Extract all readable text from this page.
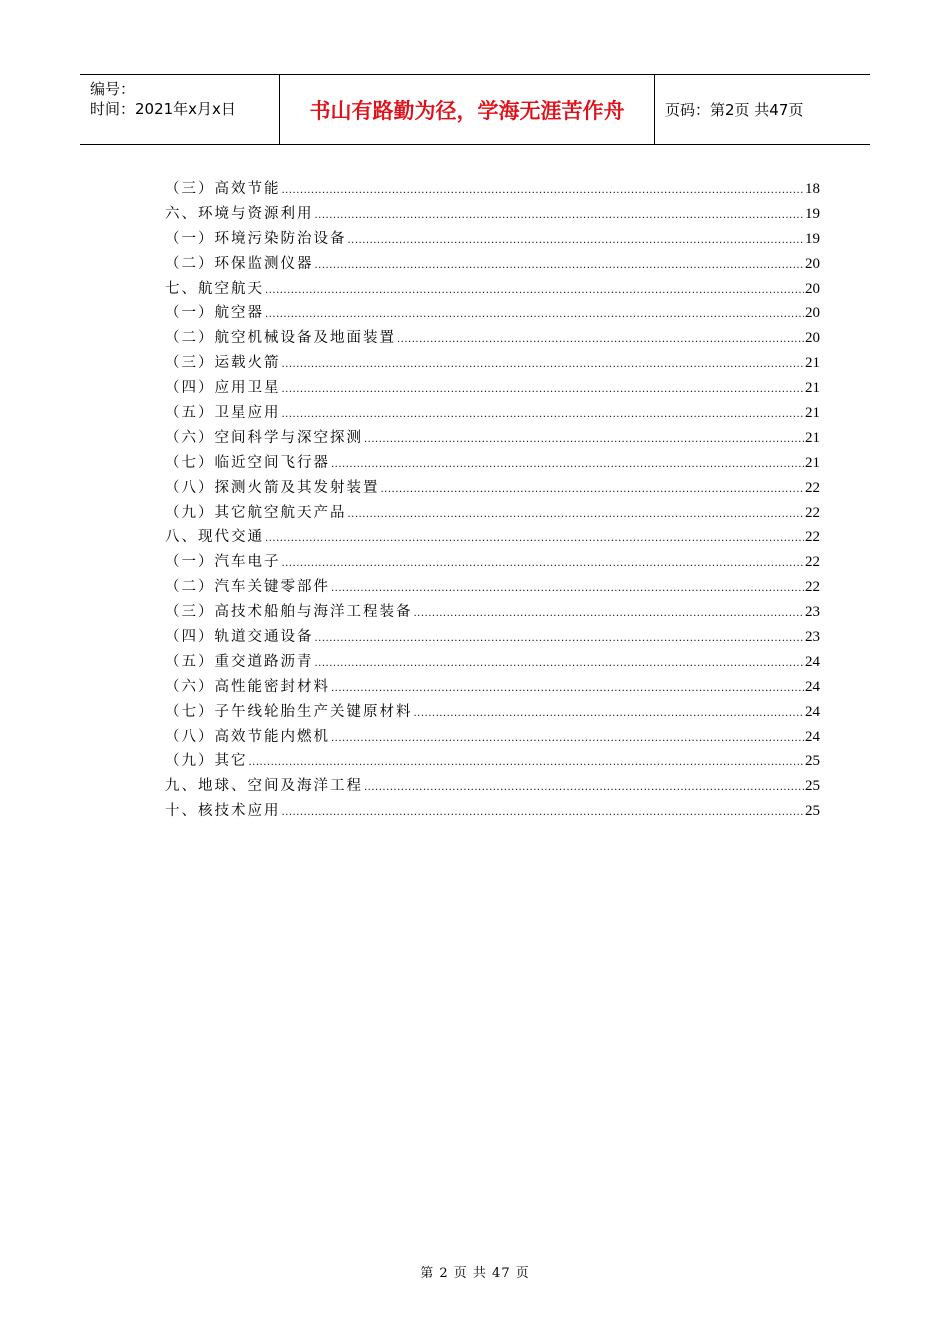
编号：
时间：2021年x月x日	书山有路勤为径，学海无涯苦作舟	页码：第2页 共47页
（三）高效节能 .....	18
六、环境与资源利用 .....	19
（一）环境污染防治设备 .....	19
（二）环保监测仪器 .....	20
七、航空航天 .....	20
（一）航空器 .....	20
（二）航空机械设备及地面装置 .....	20
（三）运载火箭 .....	21
（四）应用卫星 .....	21
（五）卫星应用 .....	21
（六）空间科学与深空探测 .....	21
（七）临近空间飞行器 .....	21
（八）探测火箭及其发射装置 .....	22
（九）其它航空航天产品 .....	22
八、现代交通 .....	22
（一）汽车电子 .....	22
（二）汽车关键零部件 .....	22
（三）高技术船舶与海洋工程装备 .....	23
（四）轨道交通设备 .....	23
（五）重交道路沥青 .....	24
（六）高性能密封材料 .....	24
（七）子午线轮胎生产关键原材料 .....	24
（八）高效节能内燃机 .....	24
（九）其它 .....	25
九、地球、空间及海洋工程 .....	25
十、核技术应用 .....	25
第 2 页 共 47 页
